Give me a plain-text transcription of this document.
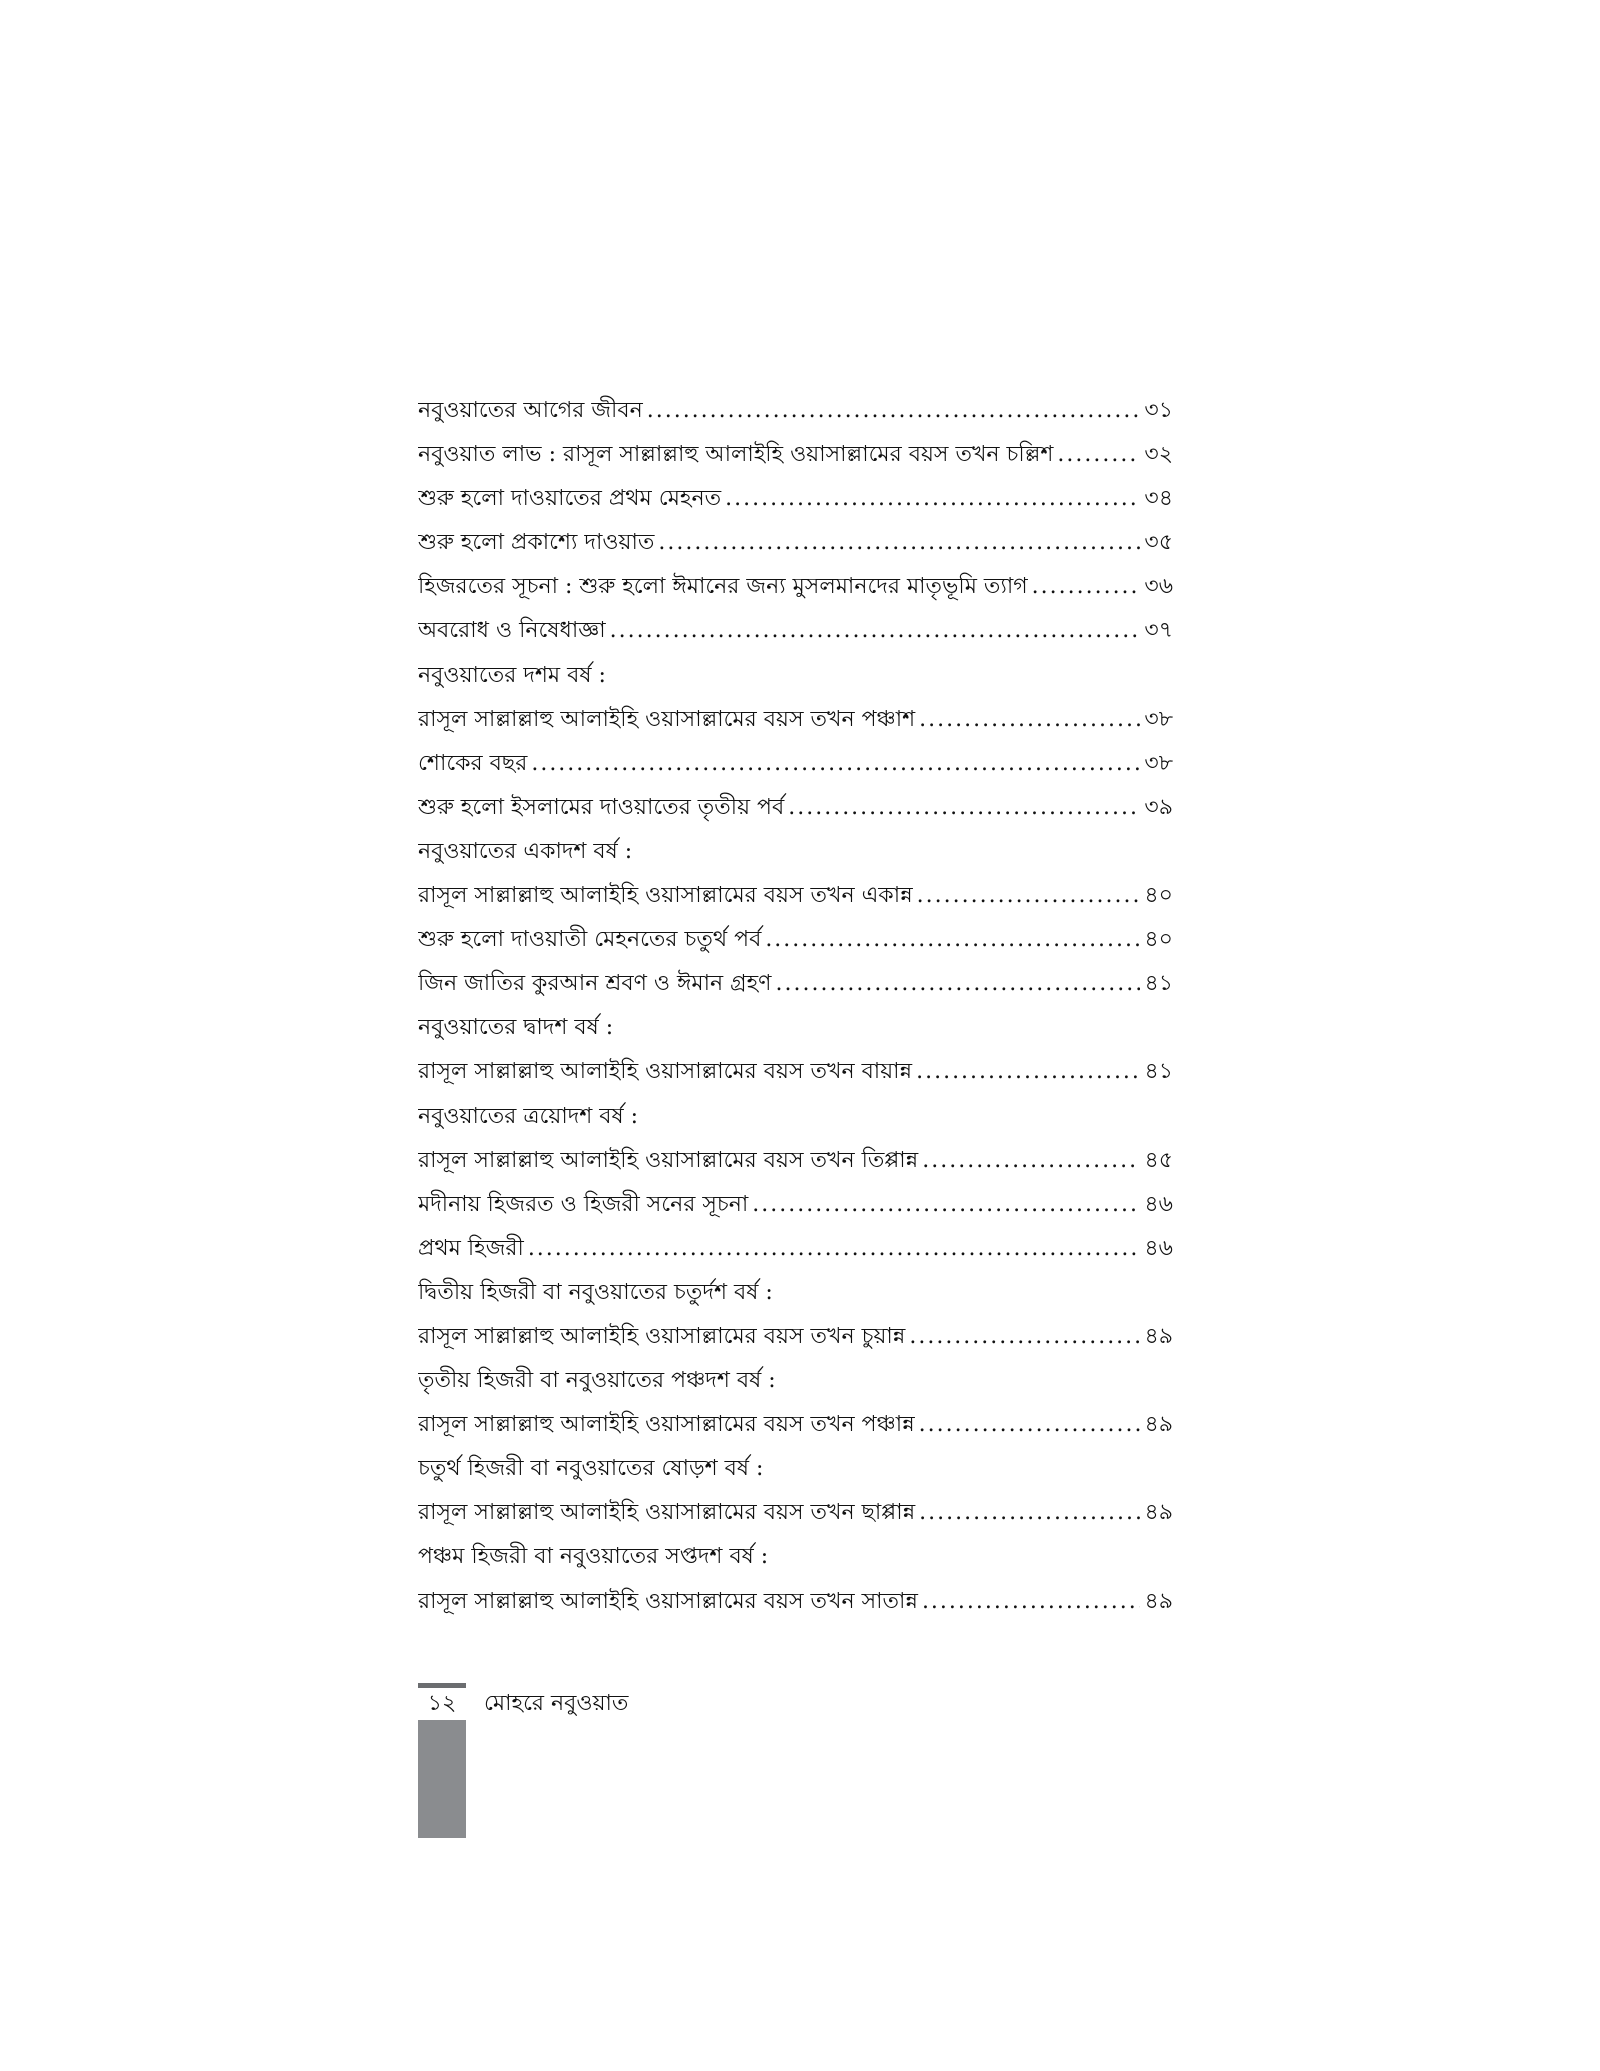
নবুওয়াতের আগের জীবন .....	৩১
নবুওয়াত লাভ : রাসূল সাল্লাল্লাহু আলাইহি ওয়াসাল্লামের বয়স তখন চল্লিশ .....	৩২
শুরু হলো দাওয়াতের প্রথম মেহনত .....	৩৪
শুরু হলো প্রকাশ্যে দাওয়াত .....	৩৫
হিজরতের সূচনা : শুরু হলো ঈমানের জন্য মুসলমানদের মাতৃভূমি ত্যাগ .....	৩৬
অবরোধ ও নিষেধাজ্ঞা .....	৩৭
নবুওয়াতের দশম বর্ষ :
রাসূল সাল্লাল্লাহু আলাইহি ওয়াসাল্লামের বয়স তখন পঞ্চাশ .....	৩৮
শোকের বছর .....	৩৮
শুরু হলো ইসলামের দাওয়াতের তৃতীয় পর্ব .....	৩৯
নবুওয়াতের একাদশ বর্ষ :
রাসূল সাল্লাল্লাহু আলাইহি ওয়াসাল্লামের বয়স তখন একান্ন .....	৪০
শুরু হলো দাওয়াতী মেহনতের চতুর্থ পর্ব .....	৪০
জিন জাতির কুরআন শ্রবণ ও ঈমান গ্রহণ .....	৪১
নবুওয়াতের দ্বাদশ বর্ষ :
রাসূল সাল্লাল্লাহু আলাইহি ওয়াসাল্লামের বয়স তখন বায়ান্ন .....	৪১
নবুওয়াতের ত্রয়োদশ বর্ষ :
রাসূল সাল্লাল্লাহু আলাইহি ওয়াসাল্লামের বয়স তখন তিপ্পান্ন .....	৪৫
মদীনায় হিজরত ও হিজরী সনের সূচনা .....	৪৬
প্রথম হিজরী .....	৪৬
দ্বিতীয় হিজরী বা নবুওয়াতের চতুর্দশ বর্ষ :
রাসূল সাল্লাল্লাহু আলাইহি ওয়াসাল্লামের বয়স তখন চুয়ান্ন .....	৪৯
তৃতীয় হিজরী বা নবুওয়াতের পঞ্চদশ বর্ষ :
রাসূল সাল্লাল্লাহু আলাইহি ওয়াসাল্লামের বয়স তখন পঞ্চান্ন .....	৪৯
চতুর্থ হিজরী বা নবুওয়াতের ষোড়শ বর্ষ :
রাসূল সাল্লাল্লাহু আলাইহি ওয়াসাল্লামের বয়স তখন ছাপ্পান্ন .....	৪৯
পঞ্চম হিজরী বা নবুওয়াতের সপ্তদশ বর্ষ :
রাসূল সাল্লাল্লাহু আলাইহি ওয়াসাল্লামের বয়স তখন সাতান্ন .....	৪৯
১২	মোহরে নবুওয়াত
